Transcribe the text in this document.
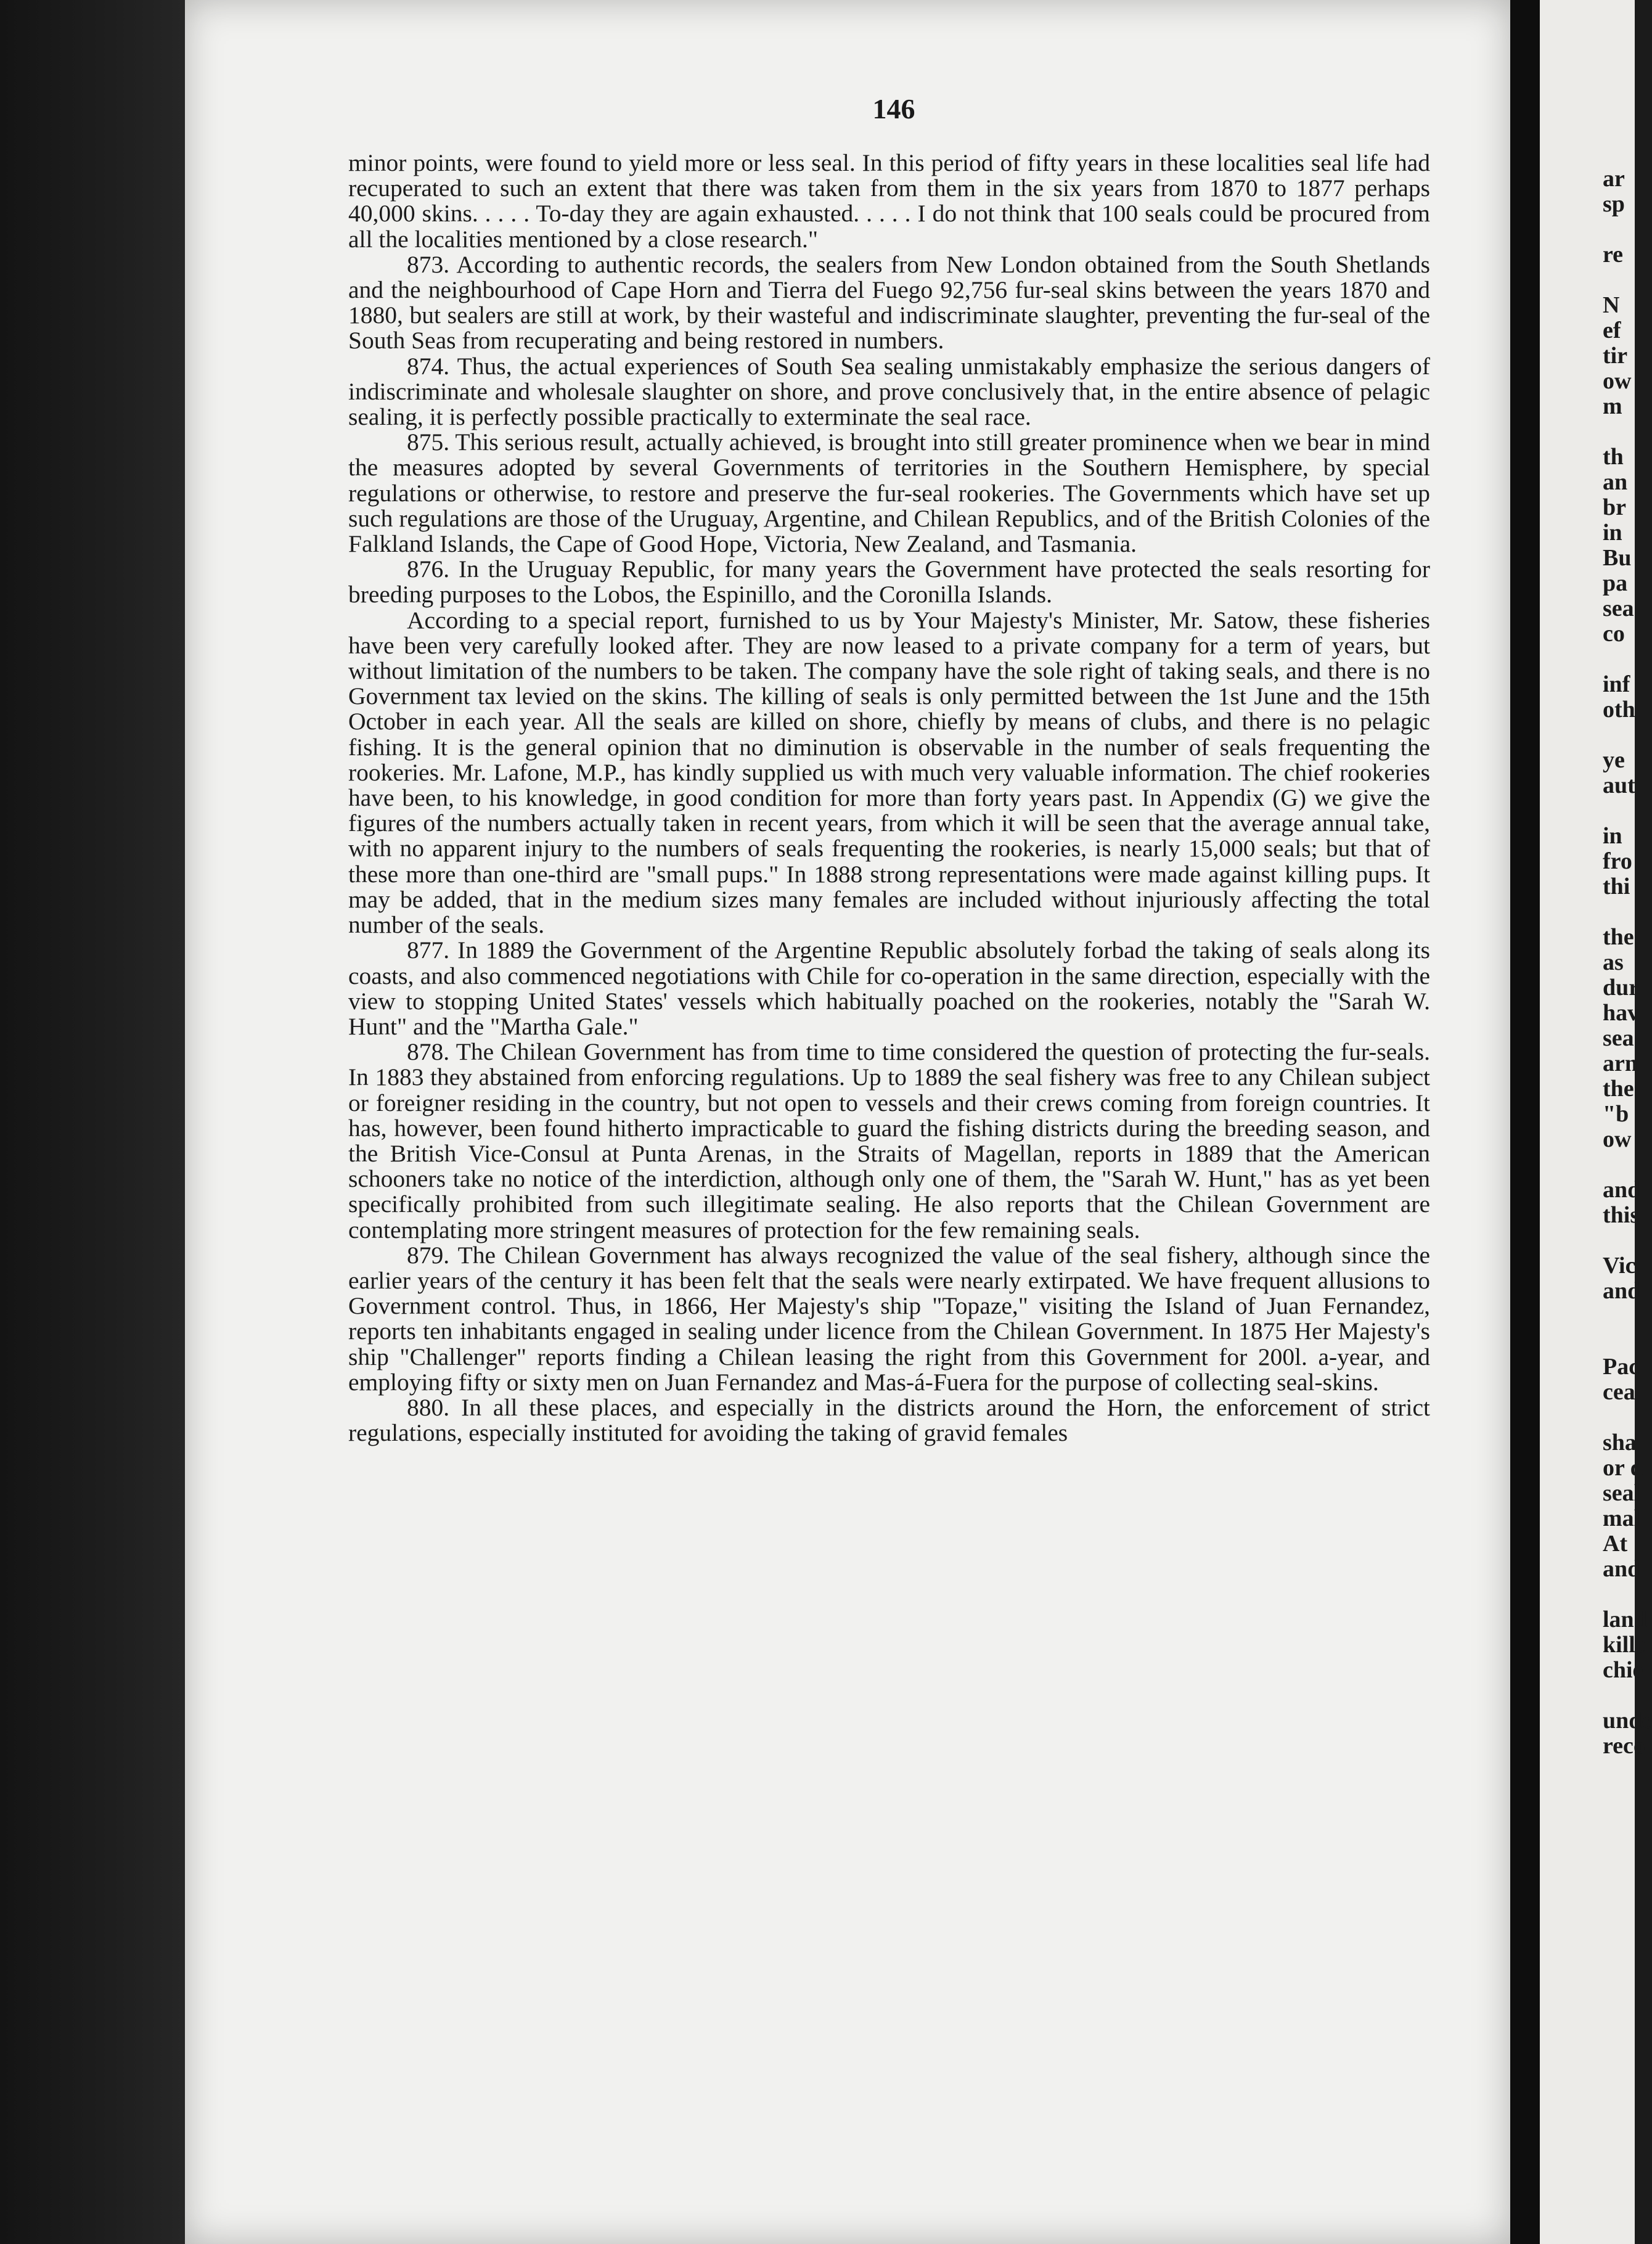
146

minor points, were found to yield more or less seal. In this period of fifty years in these localities seal life had recuperated to such an extent that there was taken from them in the six years from 1870 to 1877 perhaps 40,000 skins. . . . . To-day they are again exhausted. . . . . I do not think that 100 seals could be procured from all the localities mentioned by a close research."

873. According to authentic records, the sealers from New London obtained from the South Shetlands and the neighbourhood of Cape Horn and Tierra del Fuego 92,756 fur-seal skins between the years 1870 and 1880, but sealers are still at work, by their wasteful and indiscriminate slaughter, preventing the fur-seal of the South Seas from recuperating and being restored in numbers.

874. Thus, the actual experiences of South Sea sealing unmistakably emphasize the serious dangers of indiscriminate and wholesale slaughter on shore, and prove conclusively that, in the entire absence of pelagic sealing, it is perfectly possible practically to exterminate the seal race.

875. This serious result, actually achieved, is brought into still greater prominence when we bear in mind the measures adopted by several Governments of territories in the Southern Hemisphere, by special regulations or otherwise, to restore and preserve the fur-seal rookeries. The Governments which have set up such regulations are those of the Uruguay, Argentine, and Chilean Republics, and of the British Colonies of the Falkland Islands, the Cape of Good Hope, Victoria, New Zealand, and Tasmania.

876. In the Uruguay Republic, for many years the Government have protected the seals resorting for breeding purposes to the Lobos, the Espinillo, and the Coronilla Islands.

According to a special report, furnished to us by Your Majesty's Minister, Mr. Satow, these fisheries have been very carefully looked after. They are now leased to a private company for a term of years, but without limitation of the numbers to be taken. The company have the sole right of taking seals, and there is no Government tax levied on the skins. The killing of seals is only permitted between the 1st June and the 15th October in each year. All the seals are killed on shore, chiefly by means of clubs, and there is no pelagic fishing. It is the general opinion that no diminution is observable in the number of seals frequenting the rookeries. Mr. Lafone, M.P., has kindly supplied us with much very valuable information. The chief rookeries have been, to his knowledge, in good condition for more than forty years past. In Appendix (G) we give the figures of the numbers actually taken in recent years, from which it will be seen that the average annual take, with no apparent injury to the numbers of seals frequenting the rookeries, is nearly 15,000 seals; but that of these more than one-third are "small pups." In 1888 strong representations were made against killing pups. It may be added, that in the medium sizes many females are included without injuriously affecting the total number of the seals.

877. In 1889 the Government of the Argentine Republic absolutely forbad the taking of seals along its coasts, and also commenced negotiations with Chile for co-operation in the same direction, especially with the view to stopping United States' vessels which habitually poached on the rookeries, notably the "Sarah W. Hunt" and the "Martha Gale."

878. The Chilean Government has from time to time considered the question of protecting the fur-seals. In 1883 they abstained from enforcing regulations. Up to 1889 the seal fishery was free to any Chilean subject or foreigner residing in the country, but not open to vessels and their crews coming from foreign countries. It has, however, been found hitherto impracticable to guard the fishing districts during the breeding season, and the British Vice-Consul at Punta Arenas, in the Straits of Magellan, reports in 1889 that the American schooners take no notice of the interdiction, although only one of them, the "Sarah W. Hunt," has as yet been specifically prohibited from such illegitimate sealing. He also reports that the Chilean Government are contemplating more stringent measures of protection for the few remaining seals.

879. The Chilean Government has always recognized the value of the seal fishery, although since the earlier years of the century it has been felt that the seals were nearly extirpated. We have frequent allusions to Government control. Thus, in 1866, Her Majesty's ship "Topaze," visiting the Island of Juan Fernandez, reports ten inhabitants engaged in sealing under licence from the Chilean Government. In 1875 Her Majesty's ship "Challenger" reports finding a Chilean leasing the right from this Government for 200l. a-year, and employing fifty or sixty men on Juan Fernandez and Mas-á-Fuera for the purpose of collecting seal-skins.

880. In all these places, and especially in the districts around the Horn, the enforcement of strict regulations, especially instituted for avoiding the taking of gravid females

ar
sp
re
N
ef
tir
ow
m
th
an
br
in
Bu
pa
sea
co
inf
oth
ye
aut
in
fro
thi
the
as
dur
hav
sea
arn
the
"b
ow
and
this
Vic
and
Pac
cea
sha
or d
seal
mal
At
and
land
kille
chie
unde
reco
